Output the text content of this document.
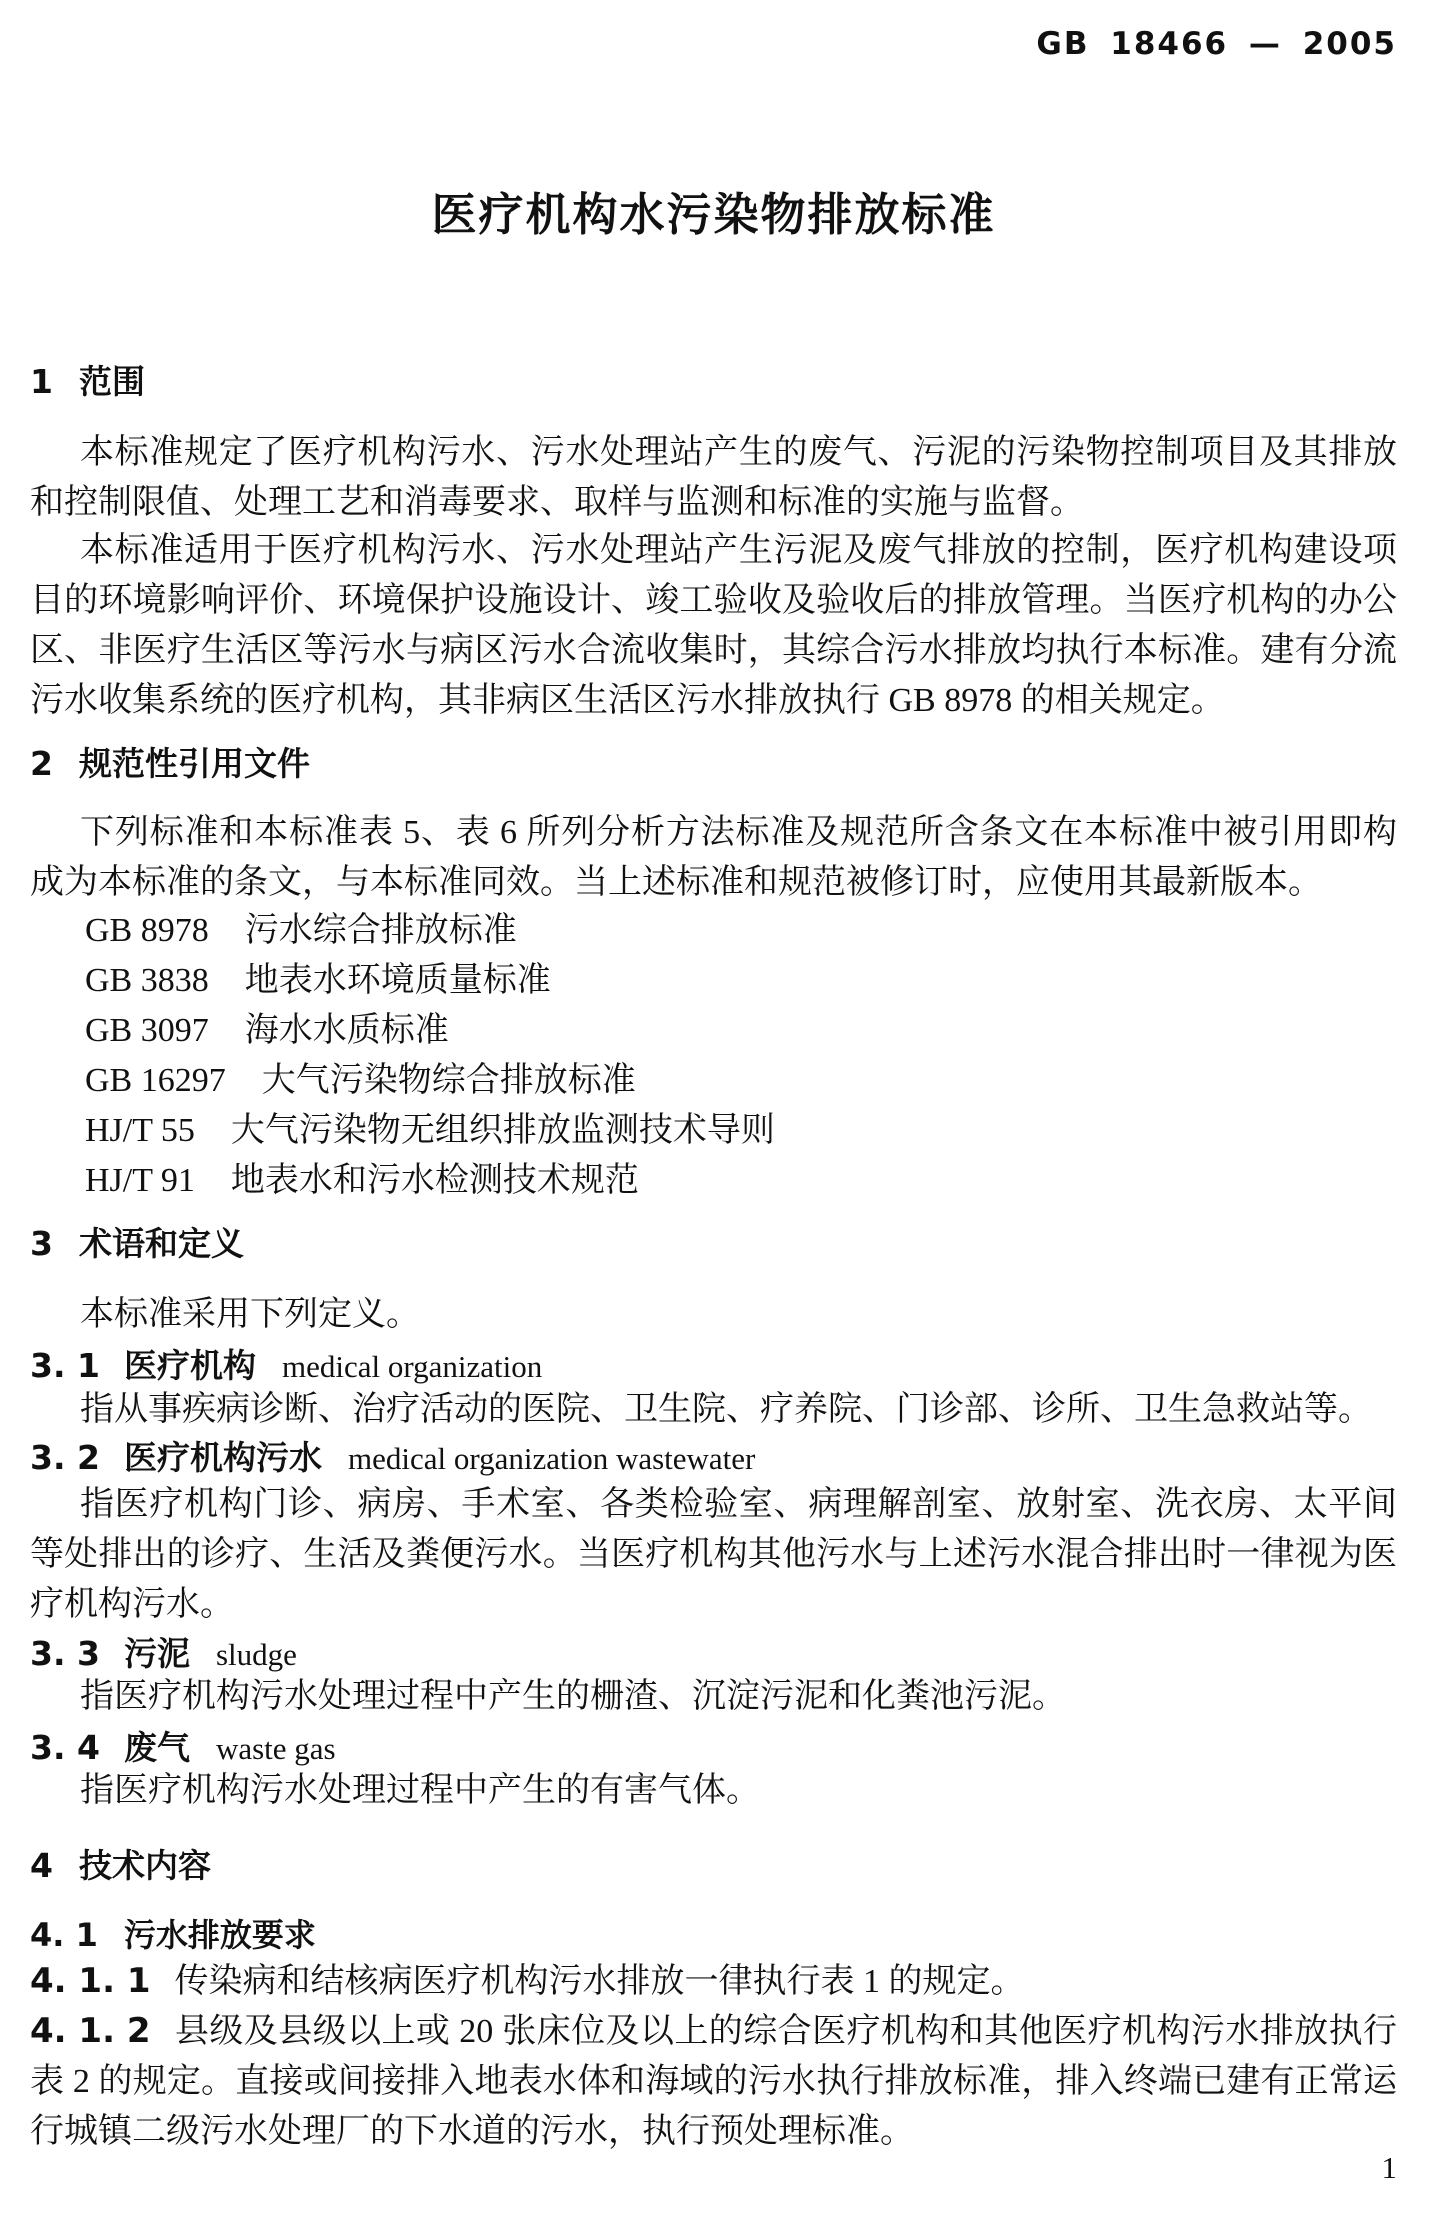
GB 18466 — 2005
医疗机构水污染物排放标准
1 范围
本标准规定了医疗机构污水、污水处理站产生的废气、污泥的污染物控制项目及其排放和控制限值、处理工艺和消毒要求、取样与监测和标准的实施与监督。
本标准适用于医疗机构污水、污水处理站产生污泥及废气排放的控制，医疗机构建设项目的环境影响评价、环境保护设施设计、竣工验收及验收后的排放管理。当医疗机构的办公区、非医疗生活区等污水与病区污水合流收集时，其综合污水排放均执行本标准。建有分流污水收集系统的医疗机构，其非病区生活区污水排放执行 GB 8978 的相关规定。
2 规范性引用文件
下列标准和本标准表 5、表 6 所列分析方法标准及规范所含条文在本标准中被引用即构成为本标准的条文，与本标准同效。当上述标准和规范被修订时，应使用其最新版本。
GB 8978 污水综合排放标准
GB 3838 地表水环境质量标准
GB 3097 海水水质标准
GB 16297 大气污染物综合排放标准
HJ/T 55 大气污染物无组织排放监测技术导则
HJ/T 91 地表水和污水检测技术规范
3 术语和定义
本标准采用下列定义。
3. 1 医疗机构 medical organization
指从事疾病诊断、治疗活动的医院、卫生院、疗养院、门诊部、诊所、卫生急救站等。
3. 2 医疗机构污水 medical organization wastewater
指医疗机构门诊、病房、手术室、各类检验室、病理解剖室、放射室、洗衣房、太平间等处排出的诊疗、生活及粪便污水。当医疗机构其他污水与上述污水混合排出时一律视为医疗机构污水。
3. 3 污泥 sludge
指医疗机构污水处理过程中产生的栅渣、沉淀污泥和化粪池污泥。
3. 4 废气 waste gas
指医疗机构污水处理过程中产生的有害气体。
4 技术内容
4. 1 污水排放要求
4. 1. 1 传染病和结核病医疗机构污水排放一律执行表 1 的规定。
4. 1. 2 县级及县级以上或 20 张床位及以上的综合医疗机构和其他医疗机构污水排放执行表 2 的规定。直接或间接排入地表水体和海域的污水执行排放标准，排入终端已建有正常运行城镇二级污水处理厂的下水道的污水，执行预处理标准。
1
